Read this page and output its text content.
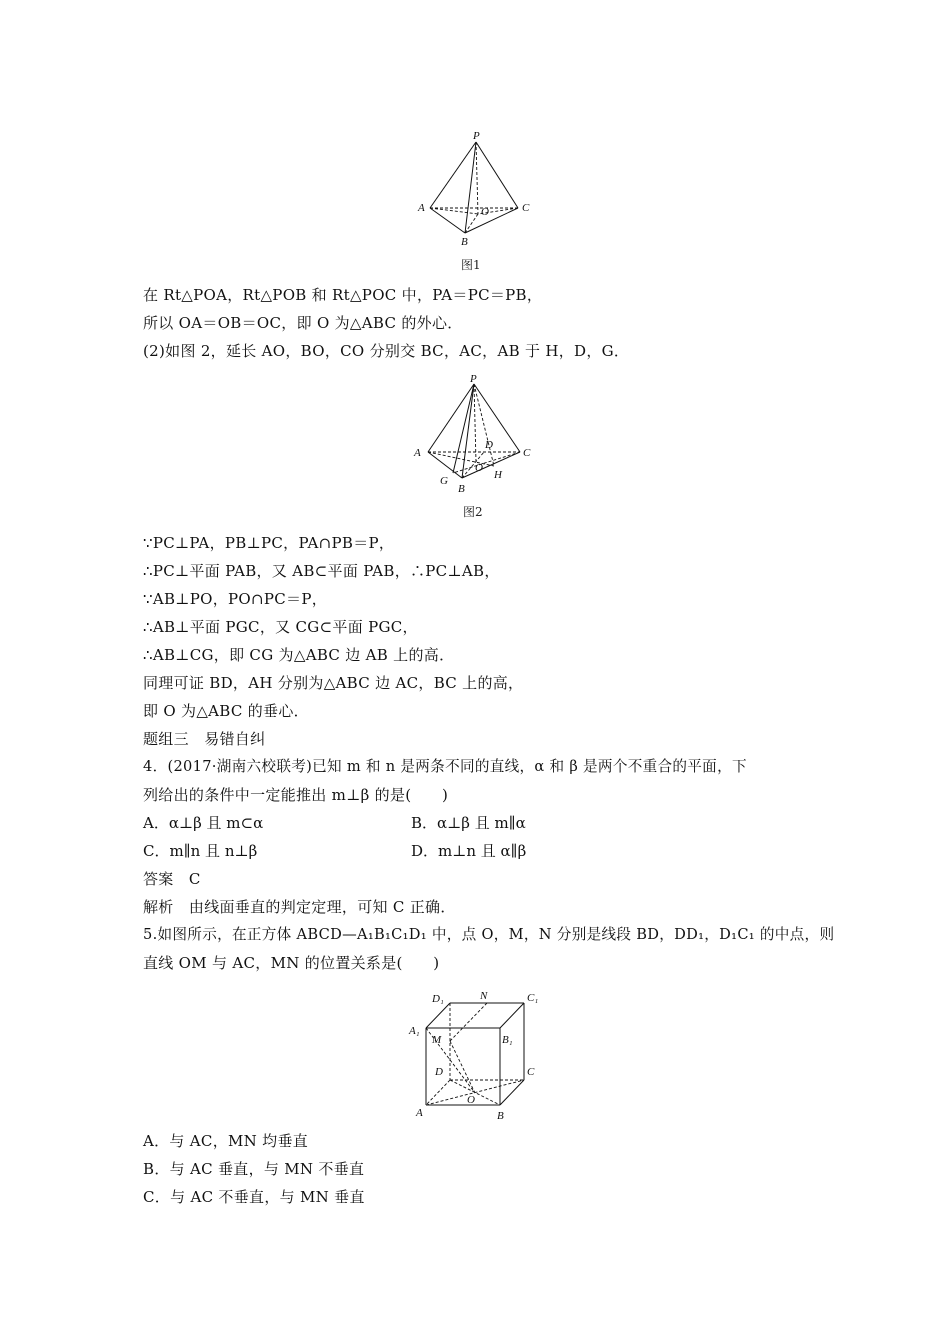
P
A
B
C
O
图1
在 Rt△POA，Rt△POB 和 Rt△POC 中，PA＝PC＝PB，
所以 OA＝OB＝OC，即 O 为△ABC 的外心．
(2)如图 2，延长 AO，BO，CO 分别交 BC，AC，AB 于 H，D，G．
P
A
B
C
O
D
G	H
图2
∵PC⊥PA，PB⊥PC，PA∩PB＝P，
∴PC⊥平面 PAB，又 AB⊂平面 PAB，∴PC⊥AB，
∵AB⊥PO，PO∩PC＝P，
∴AB⊥平面 PGC，又 CG⊂平面 PGC，
∴AB⊥CG，即 CG 为△ABC 边 AB 上的高．
同理可证 BD，AH 分别为△ABC 边 AC，BC 上的高，
即 O 为△ABC 的垂心．
题组三　易错自纠
4．(2017·湖南六校联考)已知 m 和 n 是两条不同的直线，α 和 β 是两个不重合的平面，下
列给出的条件中一定能推出 m⊥β 的是(　　)
A．α⊥β 且 m⊂α	B．α⊥β 且 m∥α
C．m∥n 且 n⊥β	D．m⊥n 且 α∥β
答案　C
解析　由线面垂直的判定定理，可知 C 正确．
5.如图所示，在正方体 ABCD—A₁B₁C₁D₁ 中，点 O，M，N 分别是线段 BD，DD₁，D₁C₁ 的中点，则
直线 OM 与 AC，MN 的位置关系是(　　)
D₁	N	C₁
A₁
M	B₁
D	C
O
A	B
A．与 AC，MN 均垂直
B．与 AC 垂直，与 MN 不垂直
C．与 AC 不垂直，与 MN 垂直
